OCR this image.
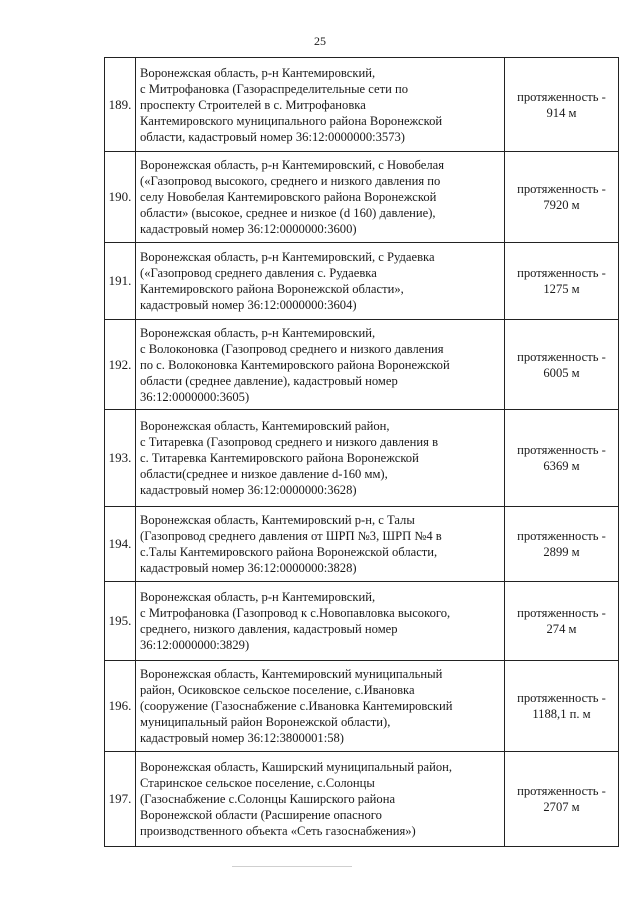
25
189.	Воронежская область, р-н Кантемировский,
с Митрофановка (Газораспределительные сети по
проспекту Строителей в с. Митрофановка
Кантемировского муниципального района Воронежской
области, кадастровый номер 36:12:0000000:3573)	протяженность -
914 м

190.	Воронежская область, р-н Кантемировский, с Новобелая
(«Газопровод высокого, среднего и низкого давления по
селу Новобелая Кантемировского района Воронежской
области» (высокое, среднее и низкое (d 160) давление),
кадастровый номер 36:12:0000000:3600)	протяженность -
7920 м

191.	Воронежская область, р-н Кантемировский, с Рудаевка
(«Газопровод среднего давления с. Рудаевка
Кантемировского района Воронежской области»,
кадастровый номер 36:12:0000000:3604)	протяженность -
1275 м

192.	Воронежская область, р-н Кантемировский,
с Волоконовка (Газопровод среднего и низкого давления
по с. Волоконовка Кантемировского района Воронежской
области (среднее давление), кадастровый номер
36:12:0000000:3605)	протяженность -
6005 м

193.	Воронежская область, Кантемировский район,
с Титаревка (Газопровод среднего и низкого давления в
с. Титаревка Кантемировского района Воронежской
области(среднее и низкое давление d-160 мм),
кадастровый номер 36:12:0000000:3628)	протяженность -
6369 м

194.	Воронежская область, Кантемировский р-н, с Талы
(Газопровод среднего давления от ШРП №3, ШРП №4 в
с.Талы Кантемировского района Воронежской области,
кадастровый номер 36:12:0000000:3828)	протяженность -
2899 м

195.	Воронежская область, р-н Кантемировский,
с Митрофановка (Газопровод к с.Новопавловка высокого,
среднего, низкого давления, кадастровый номер
36:12:0000000:3829)	протяженность -
274 м

196.	Воронежская область, Кантемировский муниципальный
район, Осиковское сельское поселение, с.Ивановка
(сооружение (Газоснабжение с.Ивановка Кантемировский
муниципальный район Воронежской области),
кадастровый номер 36:12:3800001:58)	протяженность -
1188,1 п. м

197.	Воронежская область, Каширский муниципальный район,
Старинское сельское поселение, с.Солонцы
(Газоснабжение с.Солонцы Каширского района
Воронежской области (Расширение опасного
производственного объекта «Сеть газоснабжения»)	протяженность -
2707 м
